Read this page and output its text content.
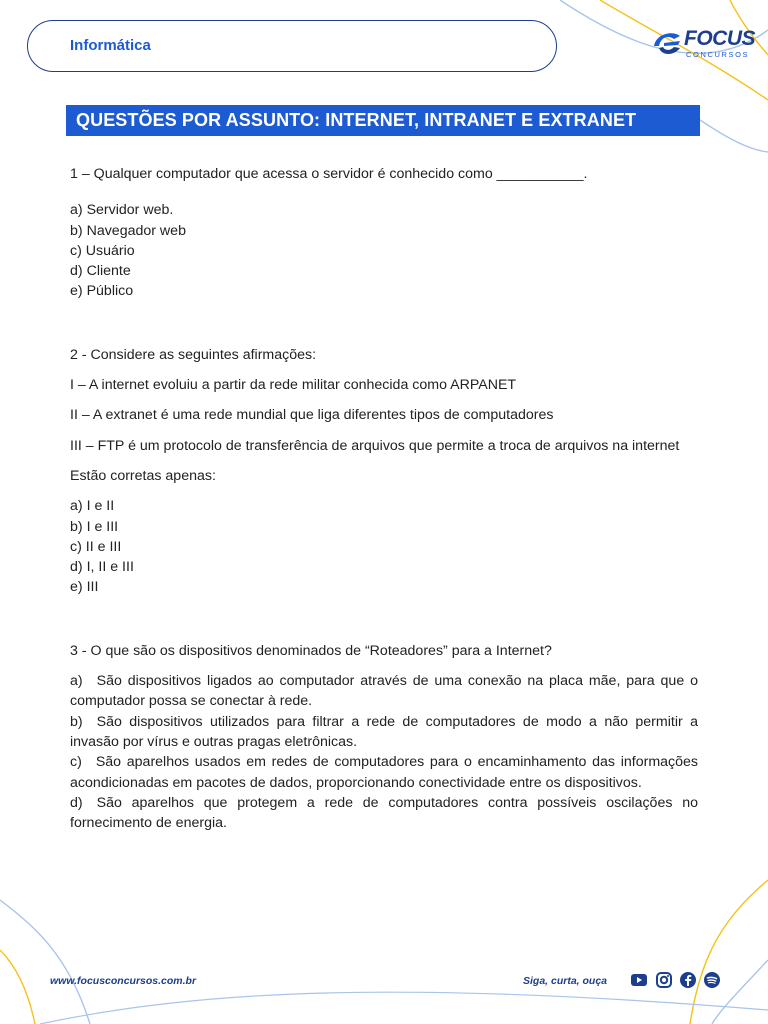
Informática	FOCUS
CONCURSOS
QUESTÕES POR ASSUNTO: INTERNET, INTRANET E EXTRANET
1 – Qualquer computador que acessa o servidor é conhecido como ___________.
a) Servidor web.
b) Navegador web
c) Usuário
d) Cliente
e) Público
2 - Considere as seguintes afirmações:
I – A internet evoluiu a partir da rede militar conhecida como ARPANET
II – A extranet é uma rede mundial que liga diferentes tipos de computadores
III – FTP é um protocolo de transferência de arquivos que permite a troca de arquivos na internet
Estão corretas apenas:
a) I e II
b) I e III
c) II e III
d) I, II e III
e) III
3 - O que são os dispositivos denominados de “Roteadores” para a Internet?
a) São dispositivos ligados ao computador através de uma conexão na placa mãe, para que o computador possa se conectar à rede.
b) São dispositivos utilizados para filtrar a rede de computadores de modo a não permitir a invasão por vírus e outras pragas eletrônicas.
c) São aparelhos usados em redes de computadores para o encaminhamento das informações acondicionadas em pacotes de dados, proporcionando conectividade entre os dispositivos.
d) São aparelhos que protegem a rede de computadores contra possíveis oscilações no fornecimento de energia.
www.focusconcursos.com.br	Siga, curta, ouça
